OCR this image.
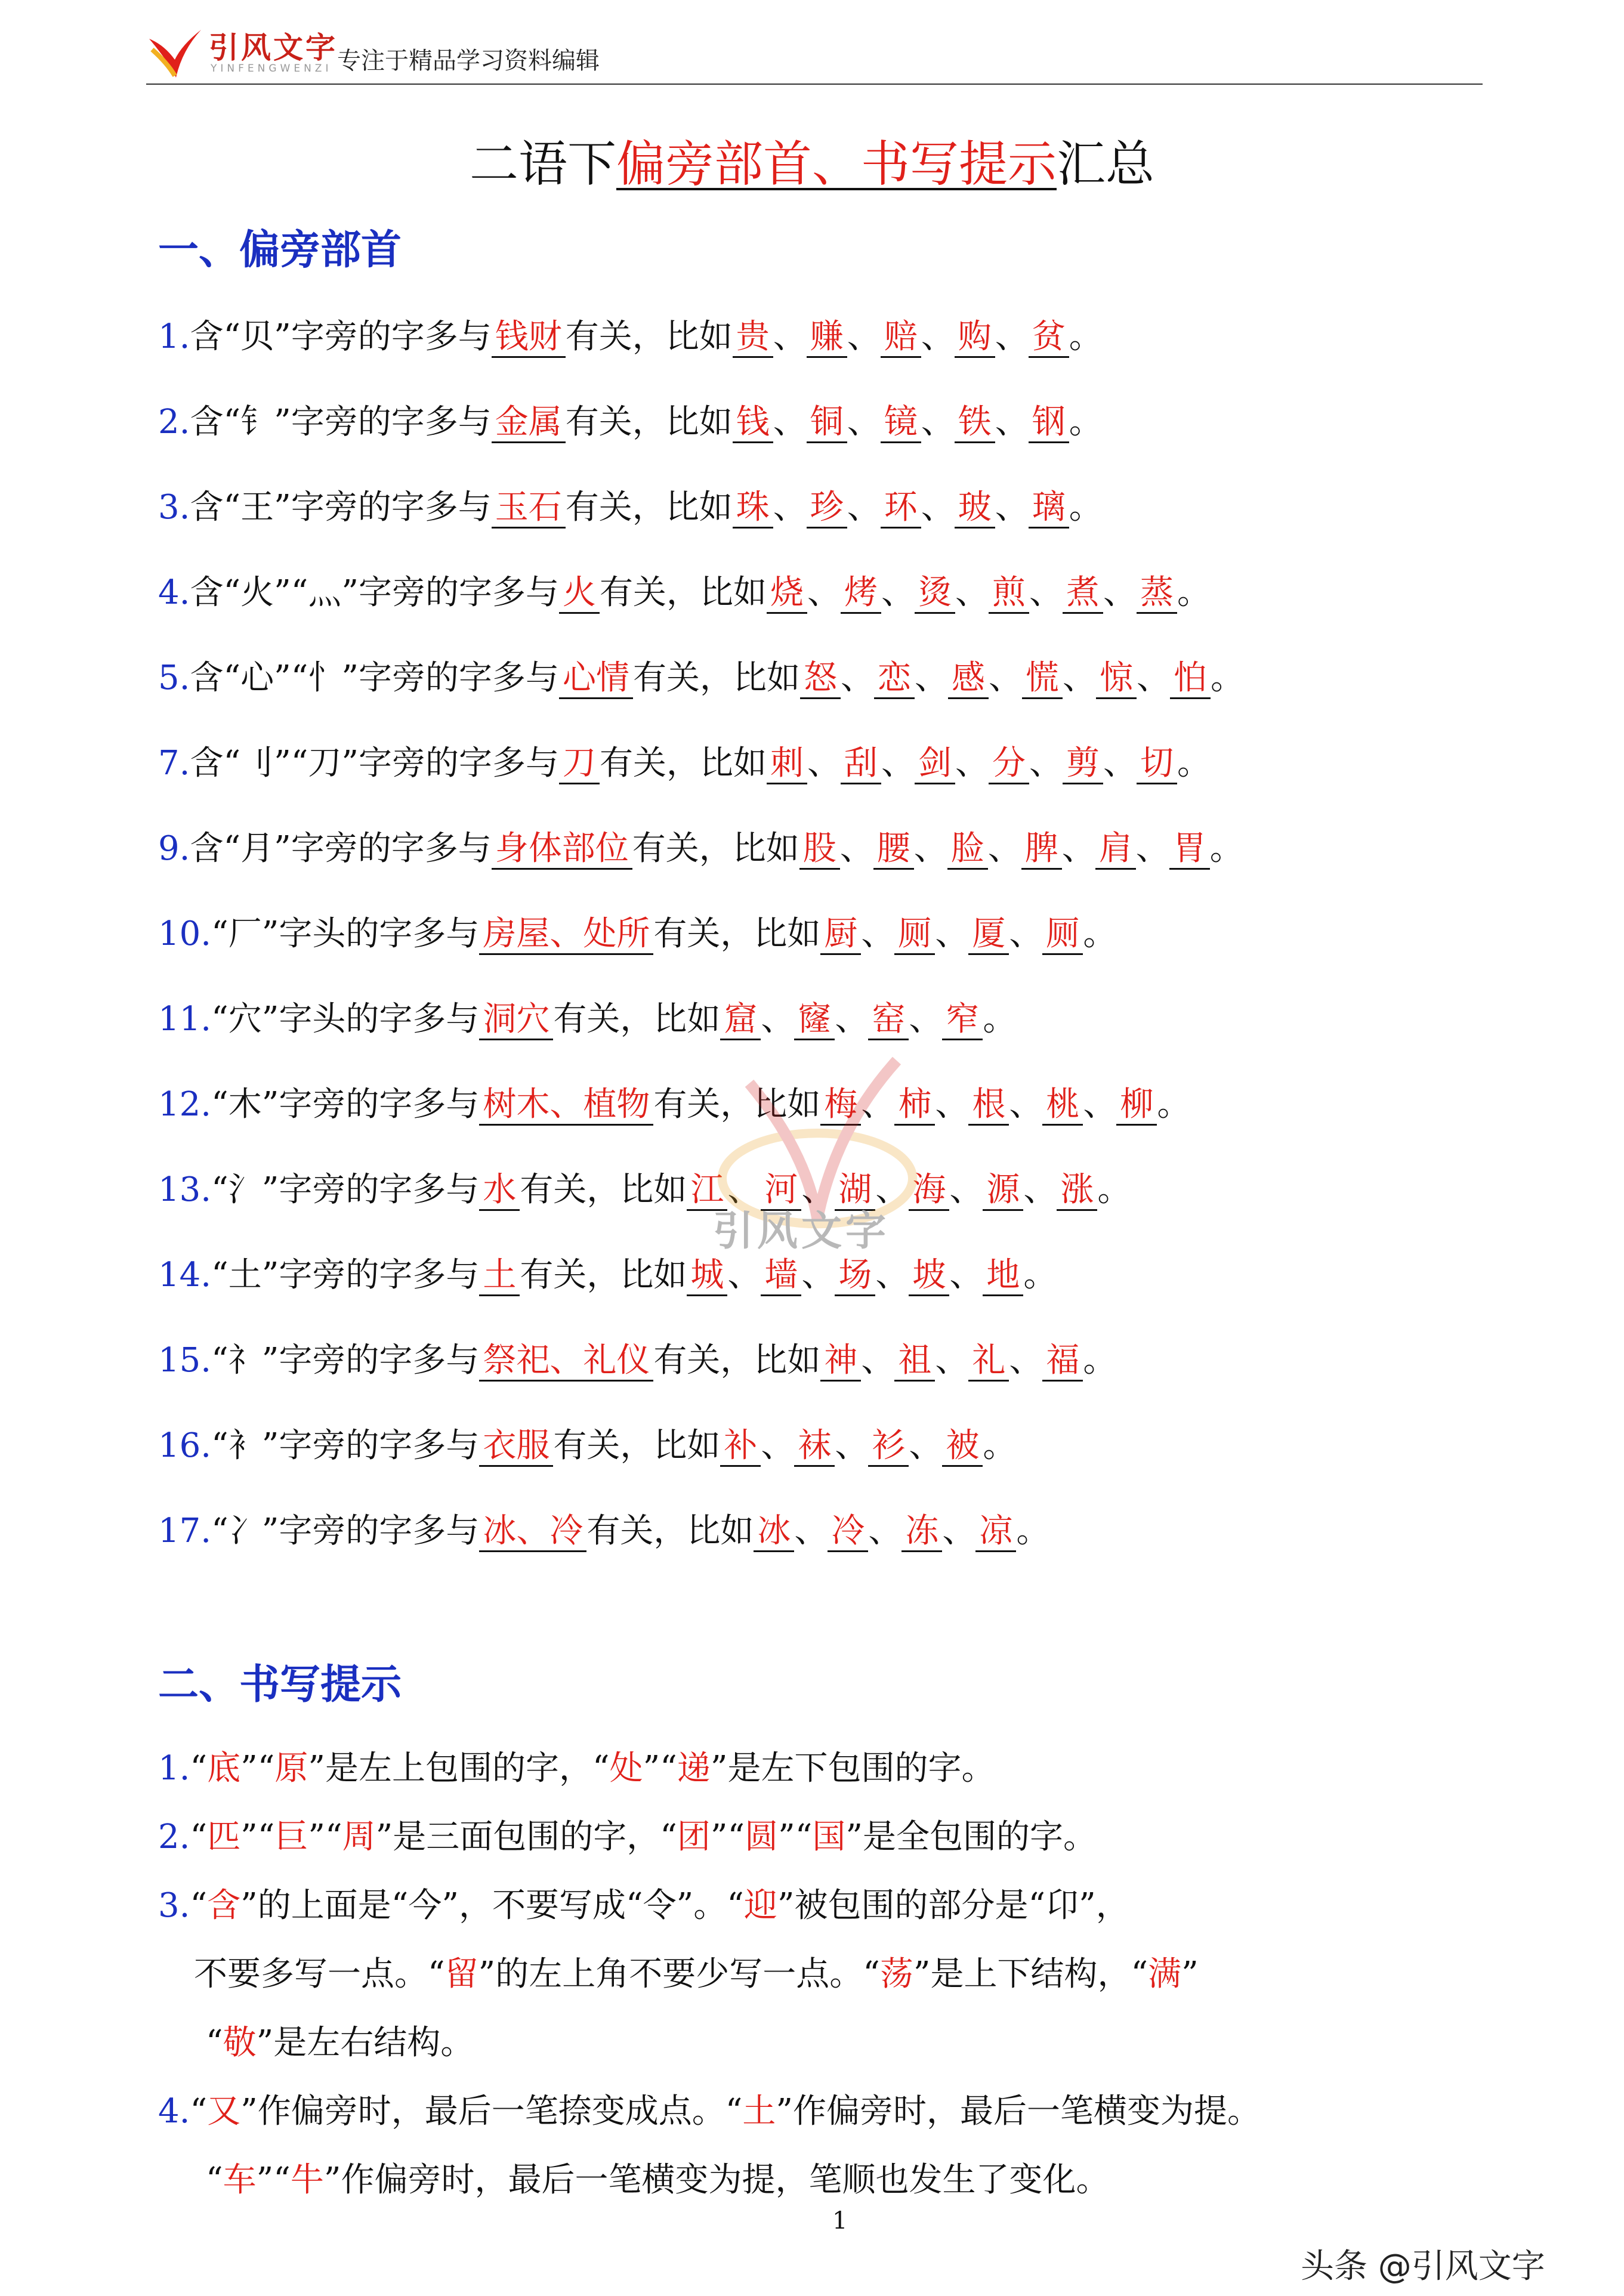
引风文字
YINFENGWENZI 专注于精品学习资料编辑
二语下偏旁部首、书写提示汇总
一、偏旁部首
1.含“贝”字旁的字多与 钱财 有关，比如 贵 、 赚 、 赔 、 购 、 贫 。
2.含“钅”字旁的字多与 金属 有关，比如 钱 、 铜 、 镜 、 铁 、 钢 。
3.含“王”字旁的字多与 玉石 有关，比如 珠 、 珍 、 环 、 玻 、 璃 。
4.含“火”“灬”字旁的字多与 火 有关，比如 烧 、 烤 、 烫 、 煎 、 煮 、 蒸 。
5.含“心”“忄”字旁的字多与 心情 有关，比如 怒 、 恋 、 感 、 慌 、 惊 、 怕 。
7.含“刂”“刀”字旁的字多与 刀 有关，比如 刺 、 刮 、 剑 、 分 、 剪 、 切 。
9.含“月”字旁的字多与 身体部位 有关，比如 股 、 腰 、 脸 、 脾 、 肩 、 胃 。
10.“厂”字头的字多与 房屋、处所 有关，比如 厨 、 厕 、 厦 、 厕 。
11.“穴”字头的字多与 洞穴 有关，比如 窟 、 窿 、 窑 、 窄 。
12.“木”字旁的字多与 树木、植物 有关，比如 梅 、 柿 、 根 、 桃 、 柳 。
13.“氵”字旁的字多与 水 有关，比如 江 、 河 、 湖 、 海 、 源 、 涨 。
14.“土”字旁的字多与 土 有关，比如 城 、 墙 、 场 、 坡 、 地 。
15.“礻”字旁的字多与 祭祀、礼仪 有关，比如 神 、 祖 、 礼 、 福 。
16.“衤”字旁的字多与 衣服 有关，比如 补 、 袜 、 衫 、 被 。
17.“冫”字旁的字多与 冰、冷 有关，比如 冰 、 冷 、 冻 、 凉 。
引风文字
二、书写提示
1.“底”“原”是左上包围的字，“处”“递”是左下包围的字。
2.“匹”“巨”“周”是三面包围的字，“团”“圆”“国”是全包围的字。
3.“含”的上面是“今”，不要写成“令”。“迎”被包围的部分是“卬”，
不要多写一点。“留”的左上角不要少写一点。“荡”是上下结构，“满”
“敬”是左右结构。
4.“又”作偏旁时，最后一笔捺变成点。“土”作偏旁时，最后一笔横变为提。
“车”“牛”作偏旁时，最后一笔横变为提，笔顺也发生了变化。
1
头条 @引风文字
